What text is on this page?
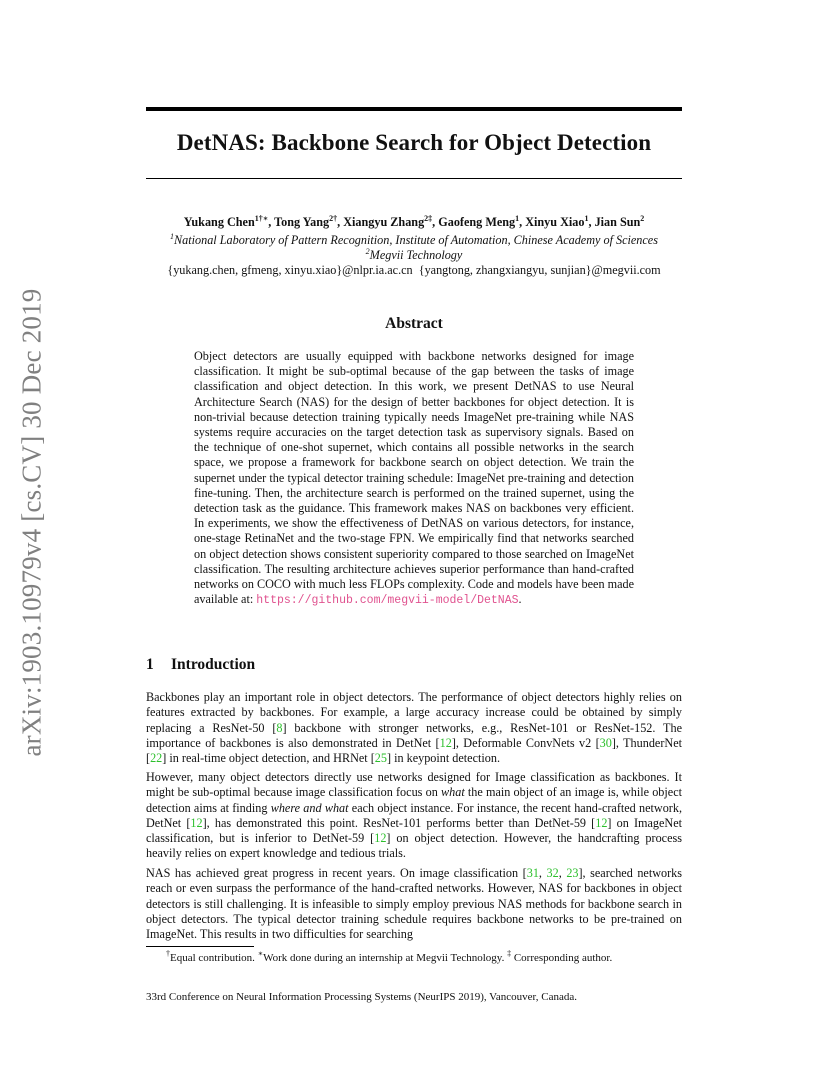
arXiv:1903.10979v4 [cs.CV] 30 Dec 2019
DetNAS: Backbone Search for Object Detection
Yukang Chen$^{1\dagger∗}$, Tong Yang$^{2\dagger}$, Xiangyu Zhang$^{2\ddagger}$, Gaofeng Meng$^1$, Xinyu Xiao$^1$, Jian Sun$^2$
$^1$National Laboratory of Pattern Recognition, Institute of Automation, Chinese Academy of Sciences
$^2$Megvii Technology
{yukang.chen, gfmeng, xinyu.xiao}@nlpr.ia.ac.cn  {yangtong, zhangxiangyu, sunjian}@megvii.com
Abstract
Object detectors are usually equipped with backbone networks designed for image classification. It might be sub-optimal because of the gap between the tasks of image classification and object detection. In this work, we present DetNAS to use Neural Architecture Search (NAS) for the design of better backbones for object detection. It is non-trivial because detection training typically needs ImageNet pre-training while NAS systems require accuracies on the target detection task as supervisory signals. Based on the technique of one-shot supernet, which contains all possible networks in the search space, we propose a framework for backbone search on object detection. We train the supernet under the typical detector training schedule: ImageNet pre-training and detection fine-tuning. Then, the architecture search is performed on the trained supernet, using the detection task as the guidance. This framework makes NAS on backbones very efficient. In experiments, we show the effectiveness of DetNAS on various detectors, for instance, one-stage RetinaNet and the two-stage FPN. We empirically find that networks searched on object detection shows consistent superiority compared to those searched on ImageNet classification. The resulting architecture achieves superior performance than hand-crafted networks on COCO with much less FLOPs complexity. Code and models have been made available at: https://github.com/megvii-model/DetNAS.
1 Introduction
Backbones play an important role in object detectors. The performance of object detectors highly relies on features extracted by backbones. For example, a large accuracy increase could be obtained by simply replacing a ResNet-50 [8] backbone with stronger networks, e.g., ResNet-101 or ResNet-152. The importance of backbones is also demonstrated in DetNet [12], Deformable ConvNets v2 [30], ThunderNet [22] in real-time object detection, and HRNet [25] in keypoint detection.
However, many object detectors directly use networks designed for Image classification as backbones. It might be sub-optimal because image classification focus on what the main object of an image is, while object detection aims at finding where and what each object instance. For instance, the recent hand-crafted network, DetNet [12], has demonstrated this point. ResNet-101 performs better than DetNet-59 [12] on ImageNet classification, but is inferior to DetNet-59 [12] on object detection. However, the handcrafting process heavily relies on expert knowledge and tedious trials.
NAS has achieved great progress in recent years. On image classification [31, 32, 23], searched networks reach or even surpass the performance of the hand-crafted networks. However, NAS for backbones in object detectors is still challenging. It is infeasible to simply employ previous NAS methods for backbone search in object detectors. The typical detector training schedule requires backbone networks to be pre-trained on ImageNet. This results in two difficulties for searching
†Equal contribution. ∗Work done during an internship at Megvii Technology. ‡ Corresponding author.
33rd Conference on Neural Information Processing Systems (NeurIPS 2019), Vancouver, Canada.
